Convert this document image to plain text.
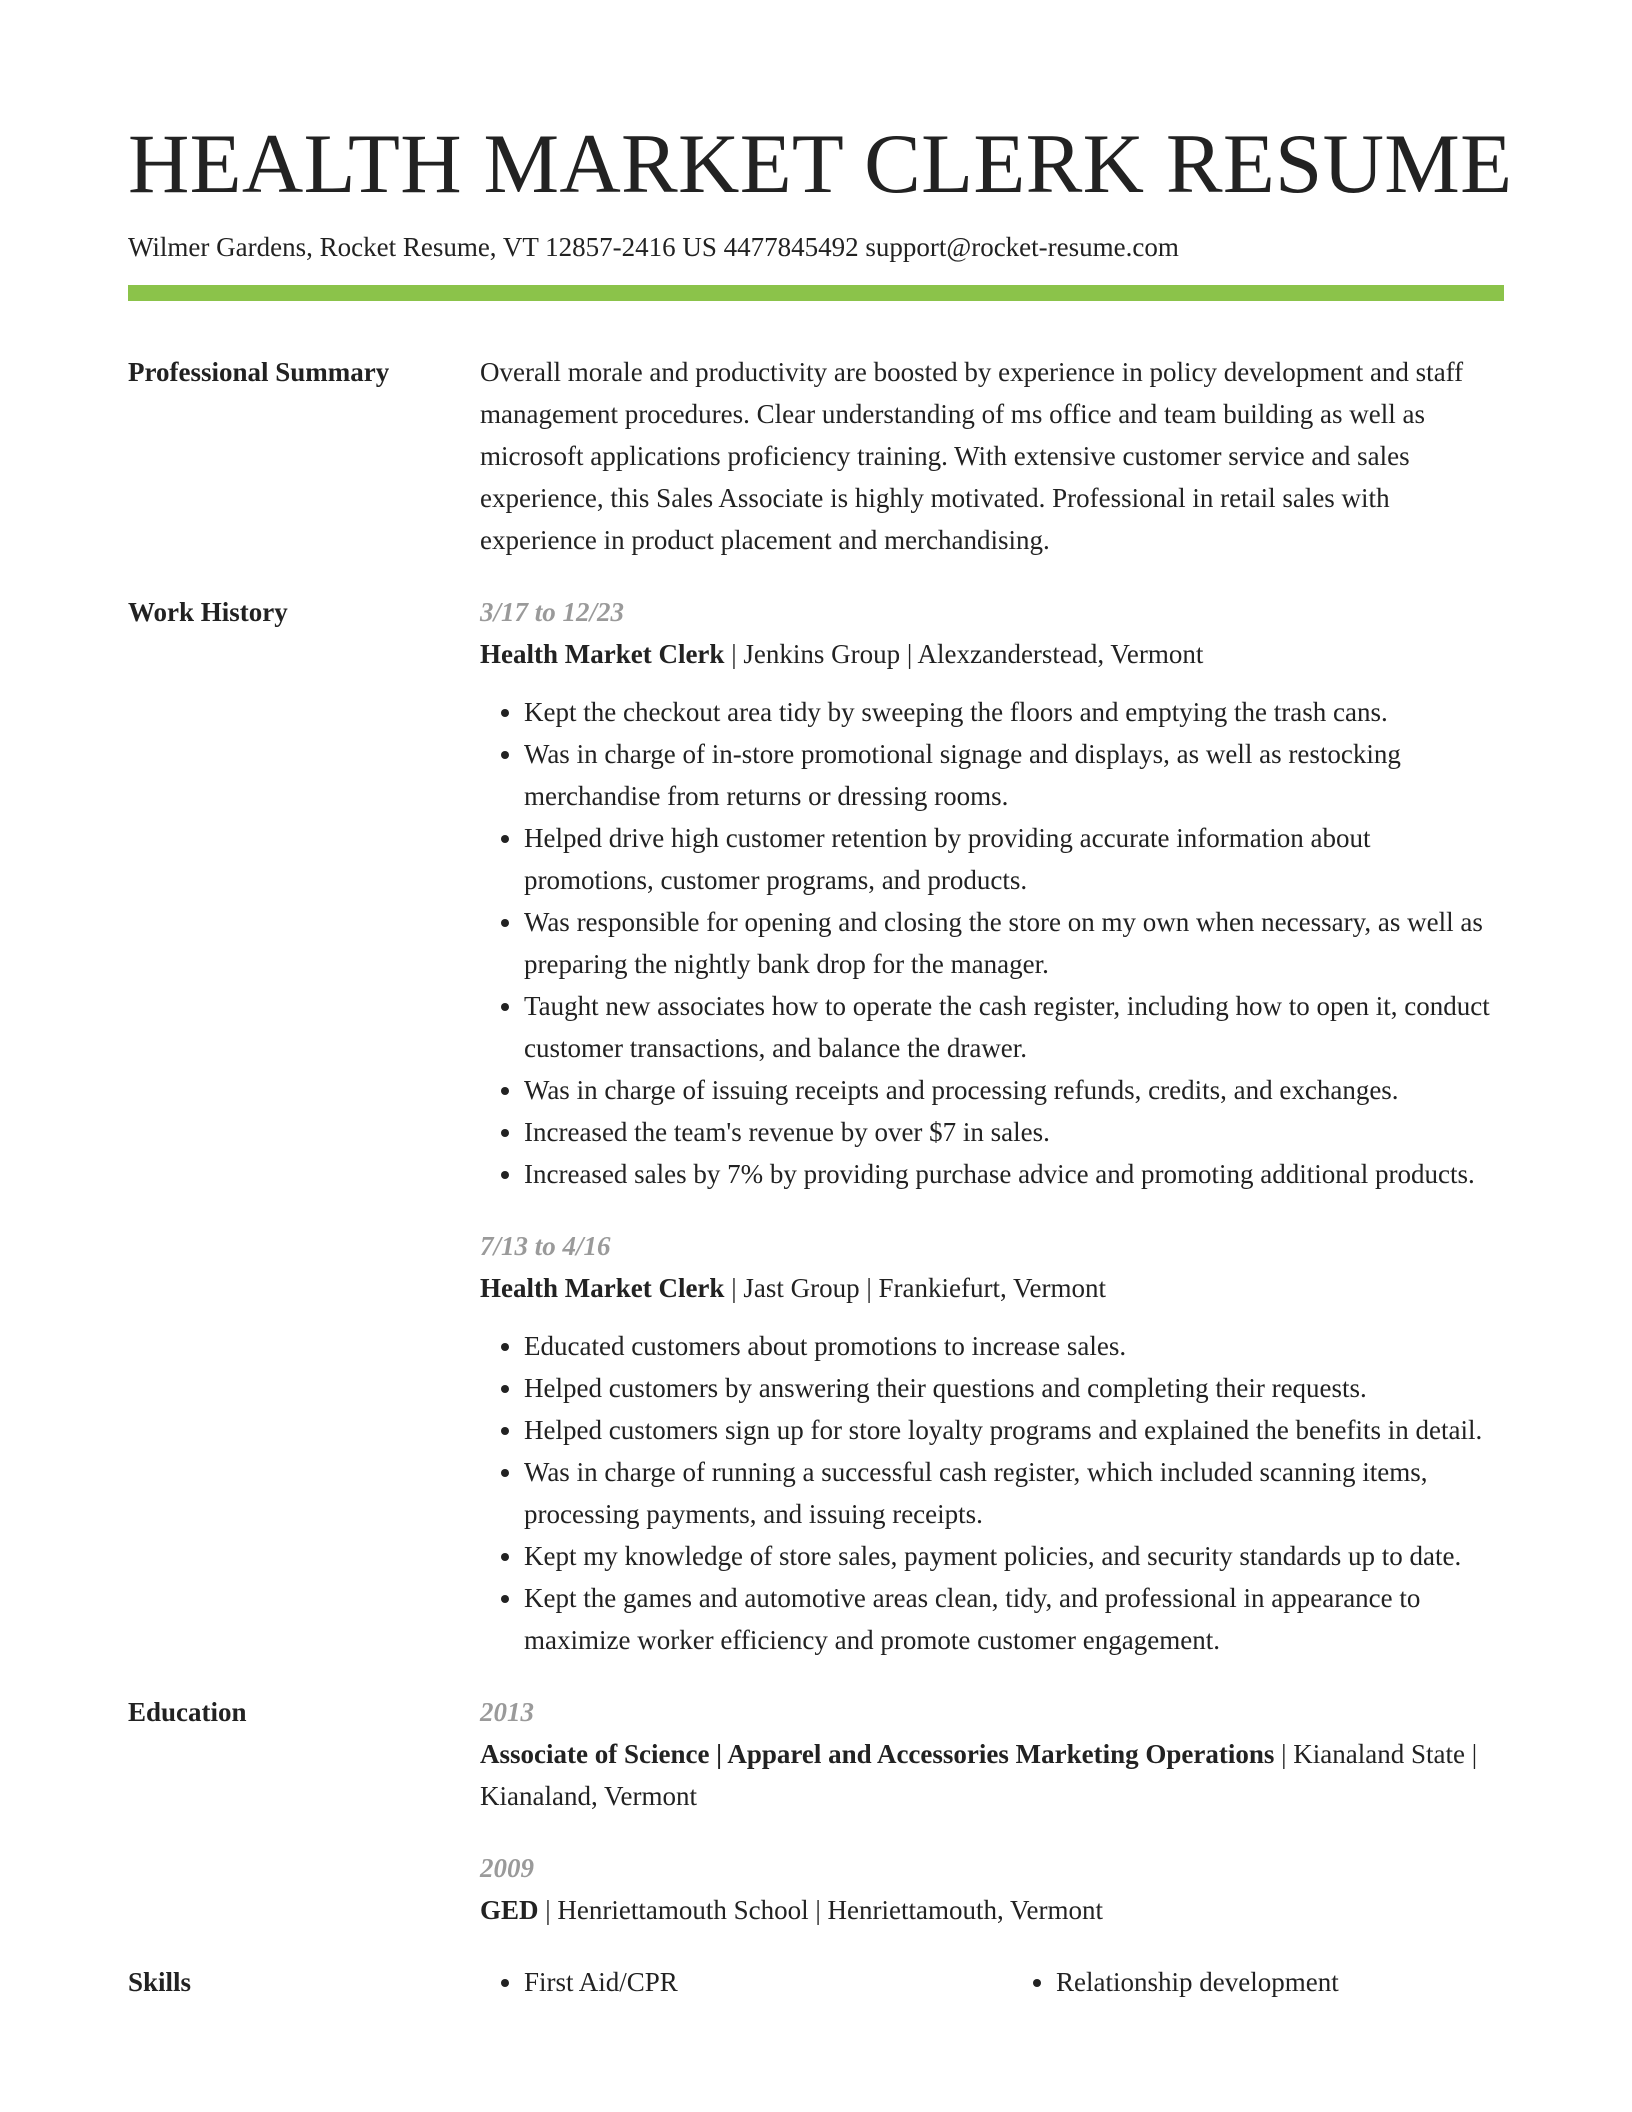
HEALTH MARKET CLERK RESUME
Wilmer Gardens, Rocket Resume, VT 12857-2416 US 4477845492 support@rocket-resume.com
Professional Summary	Overall morale and productivity are boosted by experience in policy development and staff management procedures. Clear understanding of ms office and team building as well as microsoft applications proficiency training. With extensive customer service and sales experience, this Sales Associate is highly motivated. Professional in retail sales with experience in product placement and merchandising.
Work History	3/17 to 12/23
Health Market Clerk | Jenkins Group | Alexzanderstead, Vermont
• Kept the checkout area tidy by sweeping the floors and emptying the trash cans.
• Was in charge of in-store promotional signage and displays, as well as restocking merchandise from returns or dressing rooms.
• Helped drive high customer retention by providing accurate information about promotions, customer programs, and products.
• Was responsible for opening and closing the store on my own when necessary, as well as preparing the nightly bank drop for the manager.
• Taught new associates how to operate the cash register, including how to open it, conduct customer transactions, and balance the drawer.
• Was in charge of issuing receipts and processing refunds, credits, and exchanges.
• Increased the team's revenue by over $7 in sales.
• Increased sales by 7% by providing purchase advice and promoting additional products.
7/13 to 4/16
Health Market Clerk | Jast Group | Frankiefurt, Vermont
• Educated customers about promotions to increase sales.
• Helped customers by answering their questions and completing their requests.
• Helped customers sign up for store loyalty programs and explained the benefits in detail.
• Was in charge of running a successful cash register, which included scanning items, processing payments, and issuing receipts.
• Kept my knowledge of store sales, payment policies, and security standards up to date.
• Kept the games and automotive areas clean, tidy, and professional in appearance to maximize worker efficiency and promote customer engagement.
Education	2013
Associate of Science | Apparel and Accessories Marketing Operations | Kianaland State | Kianaland, Vermont
2009
GED | Henriettamouth School | Henriettamouth, Vermont
Skills	• First Aid/CPR	• Relationship development
